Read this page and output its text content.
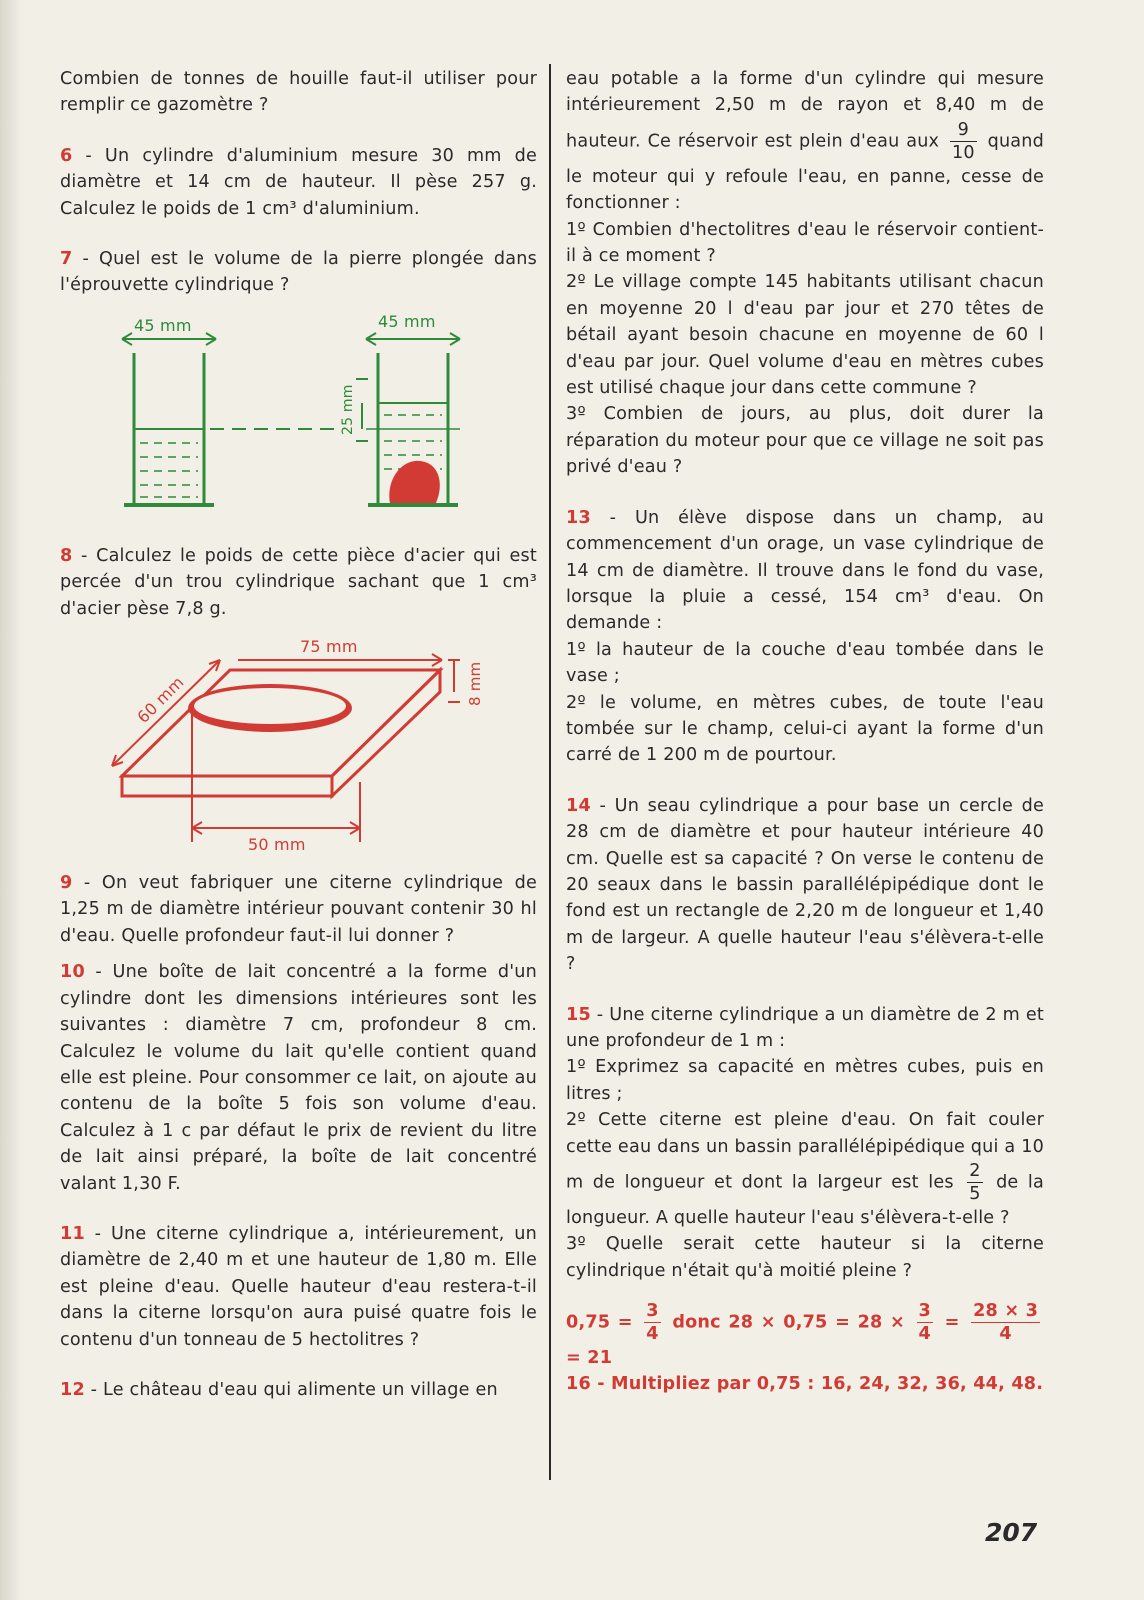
Combien de tonnes de houille faut-il utiliser pour remplir ce gazomètre ?

6 - Un cylindre d'aluminium mesure 30 mm de diamètre et 14 cm de hauteur. Il pèse 257 g. Calculez le poids de 1 cm³ d'aluminium.

7 - Quel est le volume de la pierre plongée dans l'éprouvette cylindrique ?

45 mm	45 mm
25 mm

8 - Calculez le poids de cette pièce d'acier qui est percée d'un trou cylindrique sachant que 1 cm³ d'acier pèse 7,8 g.

75 mm
60 mm	8 mm
50 mm

9 - On veut fabriquer une citerne cylindrique de 1,25 m de diamètre intérieur pouvant contenir 30 hl d'eau. Quelle profondeur faut-il lui donner ?

10 - Une boîte de lait concentré a la forme d'un cylindre dont les dimensions intérieures sont les suivantes : diamètre 7 cm, profondeur 8 cm. Calculez le volume du lait qu'elle contient quand elle est pleine. Pour consommer ce lait, on ajoute au contenu de la boîte 5 fois son volume d'eau. Calculez à 1 c par défaut le prix de revient du litre de lait ainsi préparé, la boîte de lait concentré valant 1,30 F.

11 - Une citerne cylindrique a, intérieurement, un diamètre de 2,40 m et une hauteur de 1,80 m. Elle est pleine d'eau. Quelle hauteur d'eau restera-t-il dans la citerne lorsqu'on aura puisé quatre fois le contenu d'un tonneau de 5 hectolitres ?

12 - Le château d'eau qui alimente un village en

eau potable a la forme d'un cylindre qui mesure intérieurement 2,50 m de rayon et 8,40 m de hauteur. Ce réservoir est plein d'eau aux $\frac{9}{10}$ quand le moteur qui y refoule l'eau, en panne, cesse de fonctionner :

1º Combien d'hectolitres d'eau le réservoir contient-il à ce moment ?

2º Le village compte 145 habitants utilisant chacun en moyenne 20 l d'eau par jour et 270 têtes de bétail ayant besoin chacune en moyenne de 60 l d'eau par jour. Quel volume d'eau en mètres cubes est utilisé chaque jour dans cette commune ?

3º Combien de jours, au plus, doit durer la réparation du moteur pour que ce village ne soit pas privé d'eau ?

13 - Un élève dispose dans un champ, au commencement d'un orage, un vase cylindrique de 14 cm de diamètre. Il trouve dans le fond du vase, lorsque la pluie a cessé, 154 cm³ d'eau. On demande :

1º la hauteur de la couche d'eau tombée dans le vase ;

2º le volume, en mètres cubes, de toute l'eau tombée sur le champ, celui-ci ayant la forme d'un carré de 1 200 m de pourtour.

14 - Un seau cylindrique a pour base un cercle de 28 cm de diamètre et pour hauteur intérieure 40 cm. Quelle est sa capacité ? On verse le contenu de 20 seaux dans le bassin parallélépipédique dont le fond est un rectangle de 2,20 m de longueur et 1,40 m de largeur. A quelle hauteur l'eau s'élèvera-t-elle ?

15 - Une citerne cylindrique a un diamètre de 2 m et une profondeur de 1 m :

1º Exprimez sa capacité en mètres cubes, puis en litres ;

2º Cette citerne est pleine d'eau. On fait couler cette eau dans un bassin parallélépipédique qui a 10 m de longueur et dont la largeur est les $\frac{2}{5}$ de la longueur. A quelle hauteur l'eau s'élèvera-t-elle ?

3º Quelle serait cette hauteur si la citerne cylindrique n'était qu'à moitié pleine ?

$0,75 = \frac{3}{4}$ donc $28 \times 0,75 = 28 \times \frac{3}{4} = \frac{28 \times 3}{4}$
= 21

16 - Multipliez par 0,75 : 16, 24, 32, 36, 44, 48.

207
